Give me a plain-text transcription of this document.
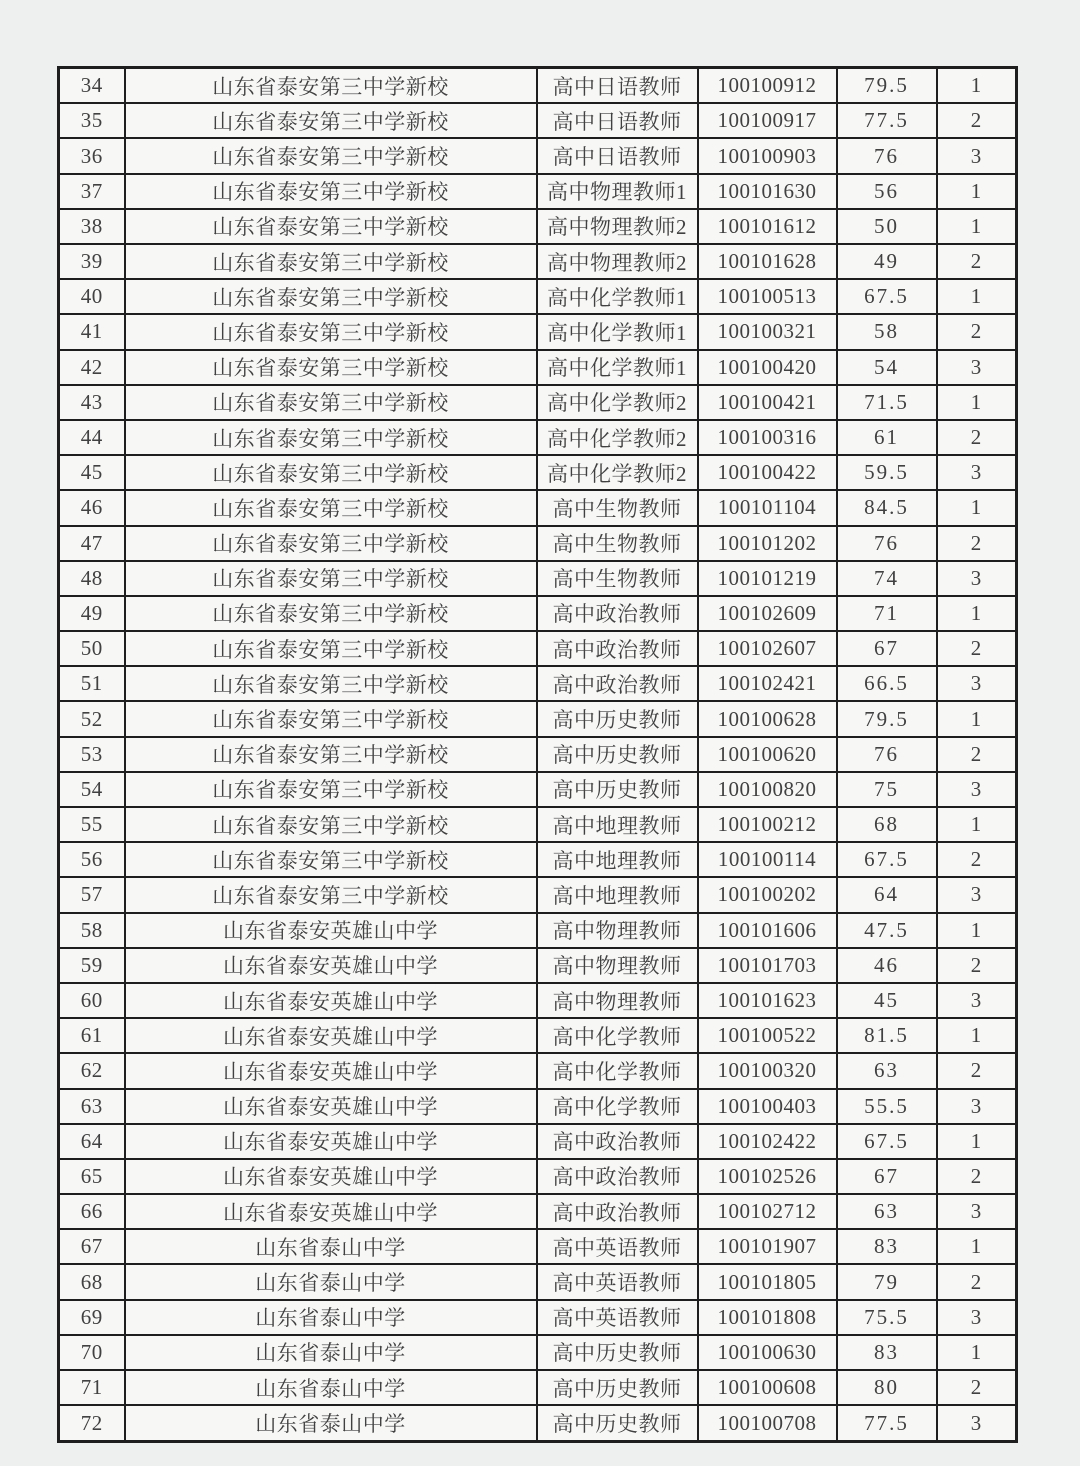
34	山东省泰安第三中学新校	高中日语教师	100100912	79.5	1
35	山东省泰安第三中学新校	高中日语教师	100100917	77.5	2
36	山东省泰安第三中学新校	高中日语教师	100100903	76	3
37	山东省泰安第三中学新校	高中物理教师1	100101630	56	1
38	山东省泰安第三中学新校	高中物理教师2	100101612	50	1
39	山东省泰安第三中学新校	高中物理教师2	100101628	49	2
40	山东省泰安第三中学新校	高中化学教师1	100100513	67.5	1
41	山东省泰安第三中学新校	高中化学教师1	100100321	58	2
42	山东省泰安第三中学新校	高中化学教师1	100100420	54	3
43	山东省泰安第三中学新校	高中化学教师2	100100421	71.5	1
44	山东省泰安第三中学新校	高中化学教师2	100100316	61	2
45	山东省泰安第三中学新校	高中化学教师2	100100422	59.5	3
46	山东省泰安第三中学新校	高中生物教师	100101104	84.5	1
47	山东省泰安第三中学新校	高中生物教师	100101202	76	2
48	山东省泰安第三中学新校	高中生物教师	100101219	74	3
49	山东省泰安第三中学新校	高中政治教师	100102609	71	1
50	山东省泰安第三中学新校	高中政治教师	100102607	67	2
51	山东省泰安第三中学新校	高中政治教师	100102421	66.5	3
52	山东省泰安第三中学新校	高中历史教师	100100628	79.5	1
53	山东省泰安第三中学新校	高中历史教师	100100620	76	2
54	山东省泰安第三中学新校	高中历史教师	100100820	75	3
55	山东省泰安第三中学新校	高中地理教师	100100212	68	1
56	山东省泰安第三中学新校	高中地理教师	100100114	67.5	2
57	山东省泰安第三中学新校	高中地理教师	100100202	64	3
58	山东省泰安英雄山中学	高中物理教师	100101606	47.5	1
59	山东省泰安英雄山中学	高中物理教师	100101703	46	2
60	山东省泰安英雄山中学	高中物理教师	100101623	45	3
61	山东省泰安英雄山中学	高中化学教师	100100522	81.5	1
62	山东省泰安英雄山中学	高中化学教师	100100320	63	2
63	山东省泰安英雄山中学	高中化学教师	100100403	55.5	3
64	山东省泰安英雄山中学	高中政治教师	100102422	67.5	1
65	山东省泰安英雄山中学	高中政治教师	100102526	67	2
66	山东省泰安英雄山中学	高中政治教师	100102712	63	3
67	山东省泰山中学	高中英语教师	100101907	83	1
68	山东省泰山中学	高中英语教师	100101805	79	2
69	山东省泰山中学	高中英语教师	100101808	75.5	3
70	山东省泰山中学	高中历史教师	100100630	83	1
71	山东省泰山中学	高中历史教师	100100608	80	2
72	山东省泰山中学	高中历史教师	100100708	77.5	3
